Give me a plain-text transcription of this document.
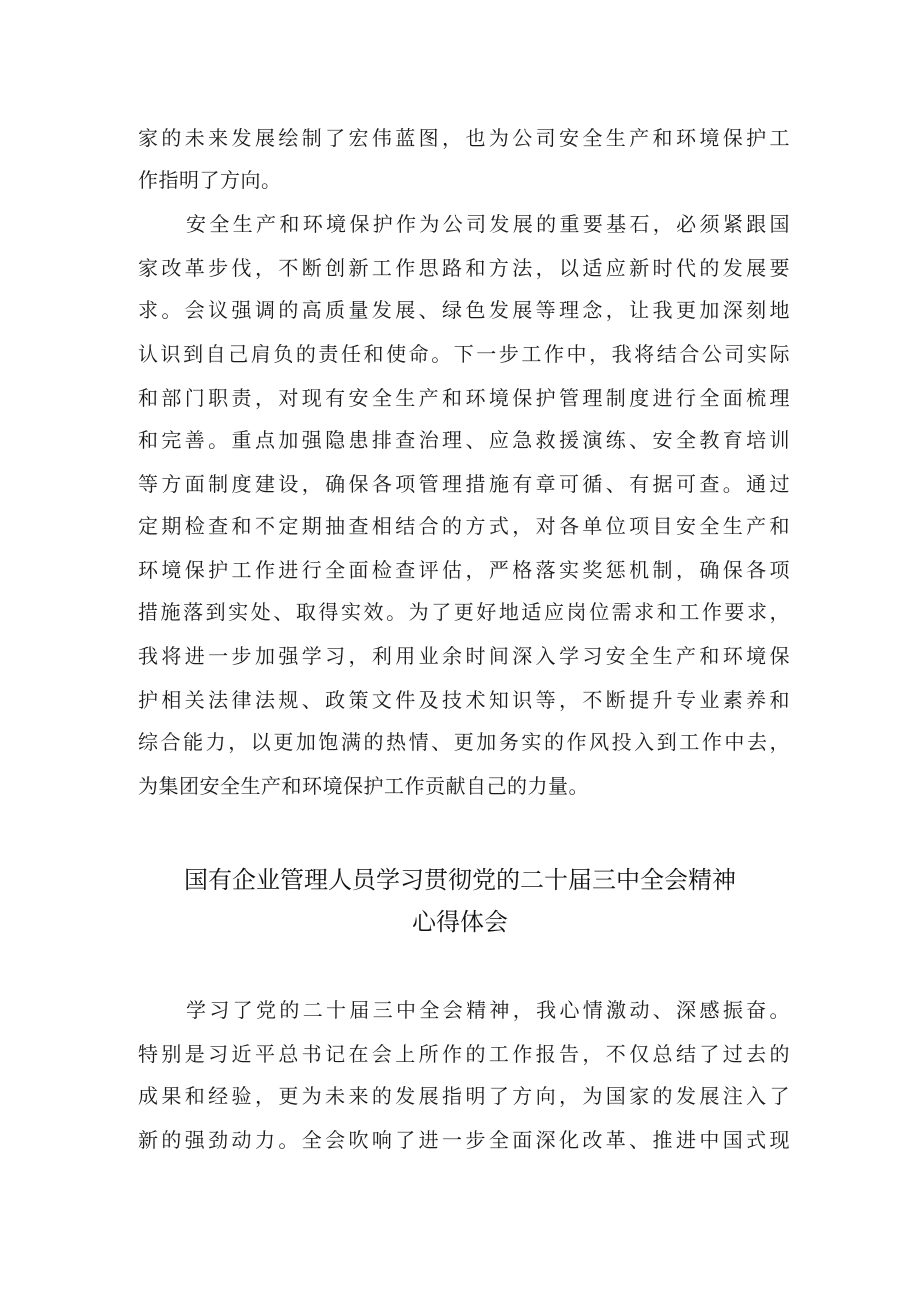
家的未来发展绘制了宏伟蓝图，也为公司安全生产和环境保护工
作指明了方向。
安全生产和环境保护作为公司发展的重要基石，必须紧跟国
家改革步伐，不断创新工作思路和方法，以适应新时代的发展要
求。会议强调的高质量发展、绿色发展等理念，让我更加深刻地
认识到自己肩负的责任和使命。下一步工作中，我将结合公司实际
和部门职责，对现有安全生产和环境保护管理制度进行全面梳理
和完善。重点加强隐患排查治理、应急救援演练、安全教育培训
等方面制度建设，确保各项管理措施有章可循、有据可查。通过
定期检查和不定期抽查相结合的方式，对各单位项目安全生产和
环境保护工作进行全面检查评估，严格落实奖惩机制，确保各项
措施落到实处、取得实效。为了更好地适应岗位需求和工作要求，
我将进一步加强学习，利用业余时间深入学习安全生产和环境保
护相关法律法规、政策文件及技术知识等，不断提升专业素养和
综合能力，以更加饱满的热情、更加务实的作风投入到工作中去，
为集团安全生产和环境保护工作贡献自己的力量。
国有企业管理人员学习贯彻党的二十届三中全会精神
心得体会
学习了党的二十届三中全会精神，我心情激动、深感振奋。
特别是习近平总书记在会上所作的工作报告，不仅总结了过去的
成果和经验，更为未来的发展指明了方向，为国家的发展注入了
新的强劲动力。全会吹响了进一步全面深化改革、推进中国式现
